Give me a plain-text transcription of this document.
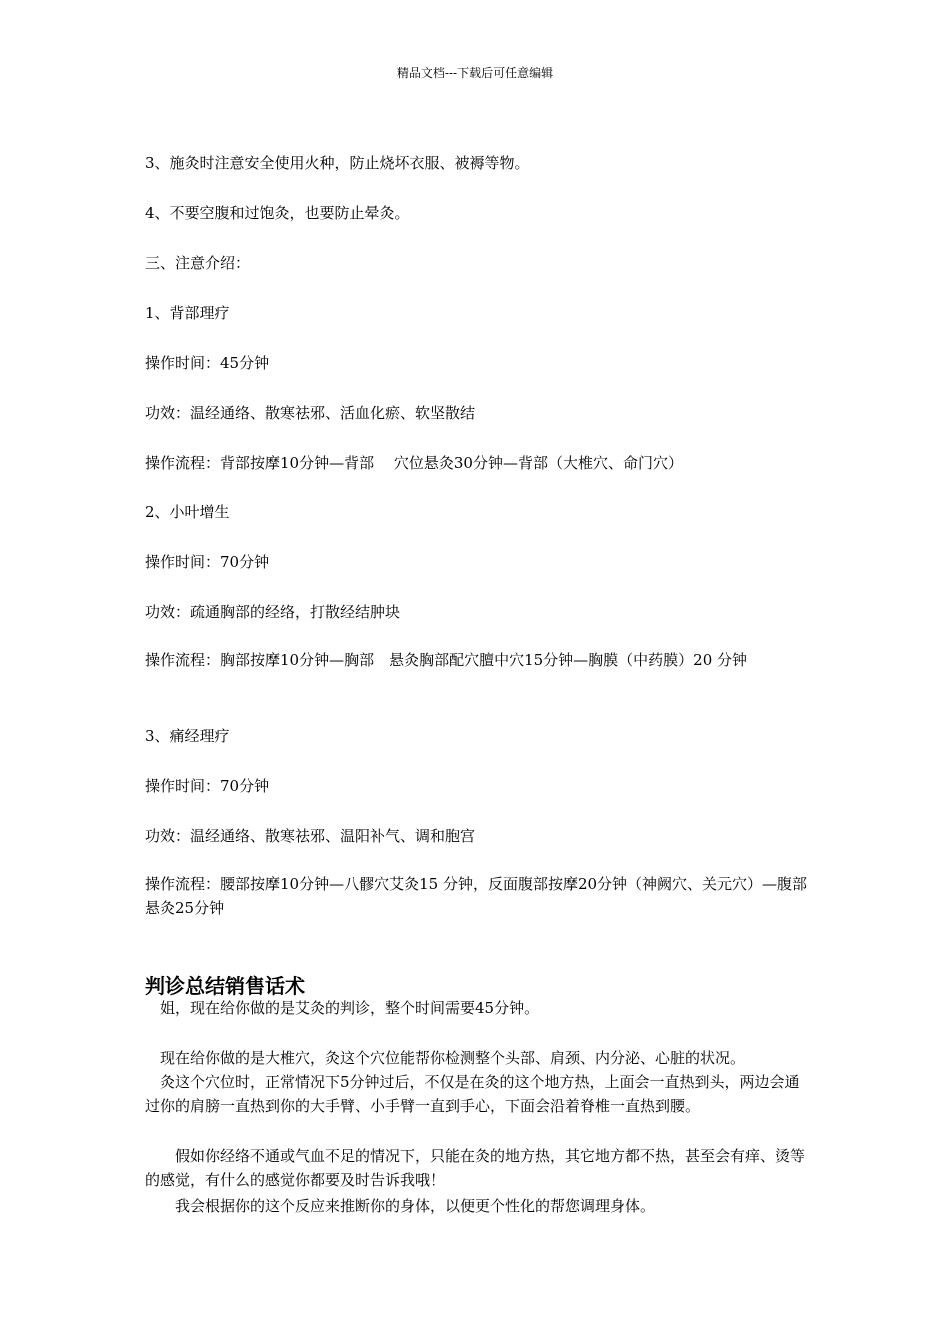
精品文档---下载后可任意编辑
3、施灸时注意安全使用火种，防止烧坏衣服、被褥等物。
4、不要空腹和过饱灸，也要防止晕灸。
三、注意介绍：
1、背部理疗
操作时间：45分钟
功效：温经通络、散寒祛邪、活血化瘀、软坚散结
操作流程：背部按摩10分钟—背部　 穴位悬灸30分钟—背部（大椎穴、命门穴）
2、小叶增生
操作时间：70分钟
功效：疏通胸部的经络，打散经结肿块
操作流程：胸部按摩10分钟—胸部　悬灸胸部配穴膻中穴15分钟—胸膜（中药膜）20 分钟
3、痛经理疗
操作时间：70分钟
功效：温经通络、散寒祛邪、温阳补气、调和胞宫
操作流程：腰部按摩10分钟—八髎穴艾灸15 分钟，反面腹部按摩20分钟（神阙穴、关元穴）—腹部悬灸25分钟
判诊总结销售话术
　姐，现在给你做的是艾灸的判诊，整个时间需要45分钟。
　现在给你做的是大椎穴，灸这个穴位能帮你检测整个头部、肩颈、内分泌、心脏的状况。
　灸这个穴位时，正常情况下5分钟过后，不仅是在灸的这个地方热，上面会一直热到头，两边会通过你的肩膀一直热到你的大手臂、小手臂一直到手心，下面会沿着脊椎一直热到腰。
　　假如你经络不通或气血不足的情况下，只能在灸的地方热，其它地方都不热，甚至会有痒、烫等的感觉，有什么的感觉你都要及时告诉我哦！
　　我会根据你的这个反应来推断你的身体，以便更个性化的帮您调理身体。
